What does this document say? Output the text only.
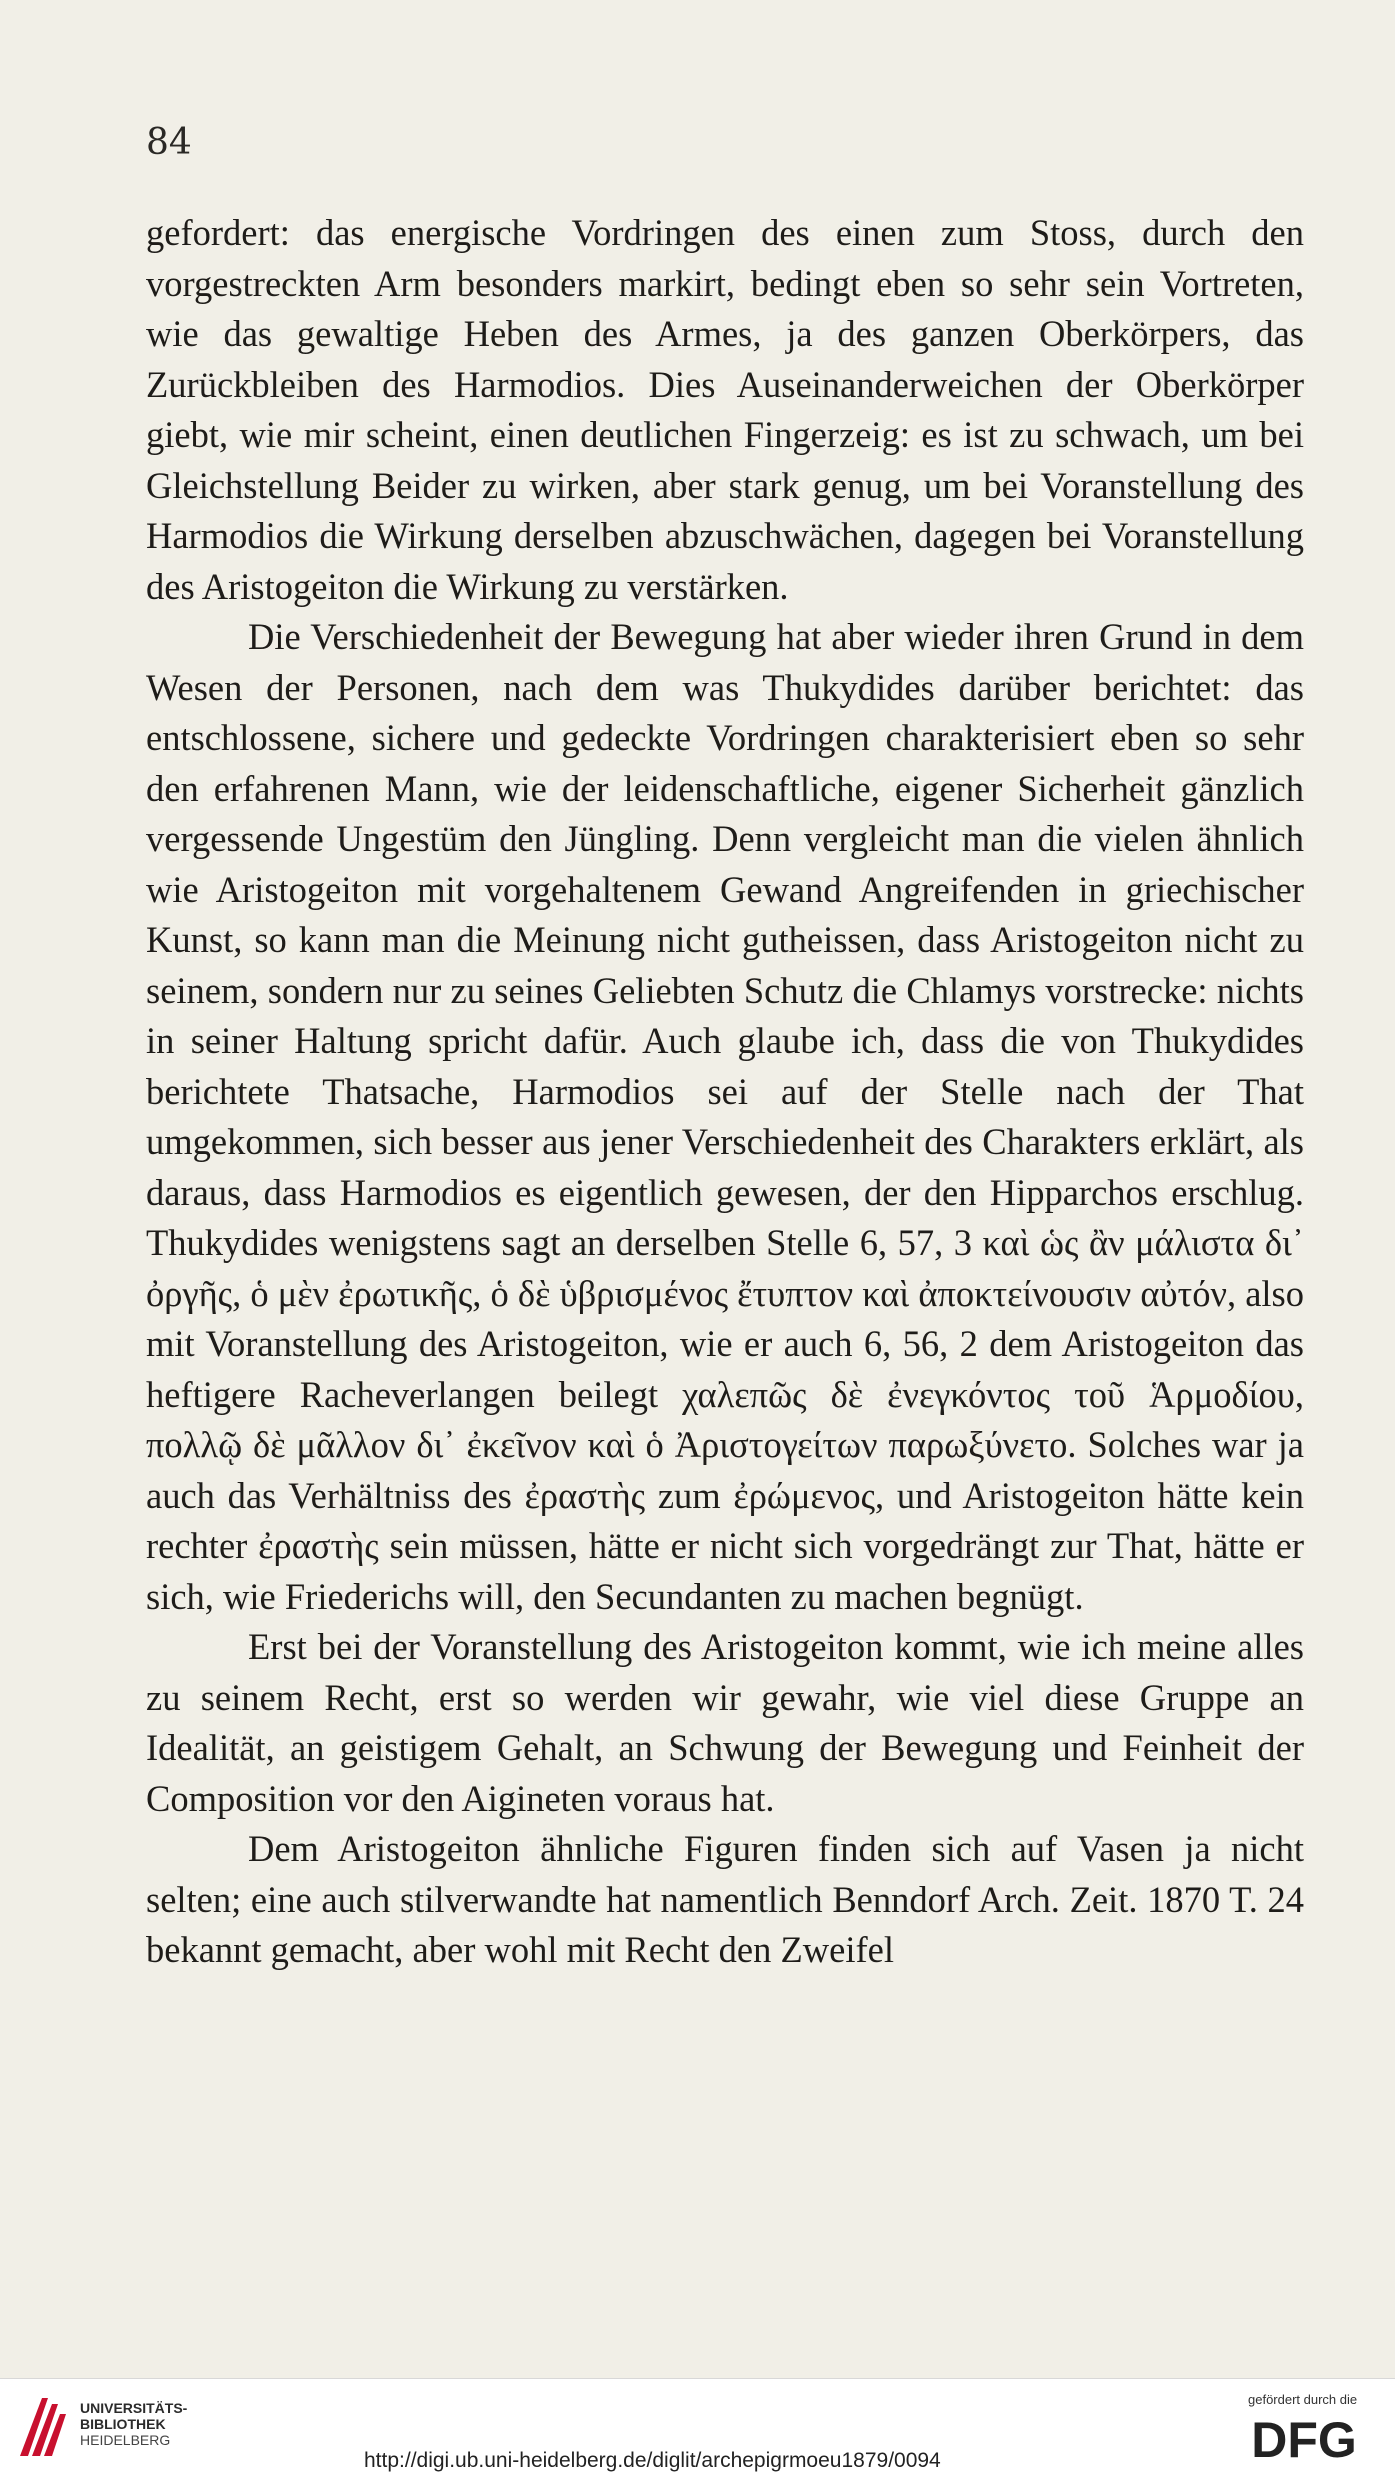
84

gefordert: das energische Vordringen des einen zum Stoss, durch den vorgestreckten Arm besonders markirt, bedingt eben so sehr sein Vortreten, wie das gewaltige Heben des Armes, ja des ganzen Oberkörpers, das Zurückbleiben des Harmodios. Dies Auseinanderweichen der Oberkörper giebt, wie mir scheint, einen deutlichen Fingerzeig: es ist zu schwach, um bei Gleichstellung Beider zu wirken, aber stark genug, um bei Voranstellung des Harmodios die Wirkung derselben abzuschwächen, dagegen bei Voranstellung des Aristogeiton die Wirkung zu verstärken.

Die Verschiedenheit der Bewegung hat aber wieder ihren Grund in dem Wesen der Personen, nach dem was Thukydides darüber berichtet: das entschlossene, sichere und gedeckte Vordringen charakterisiert eben so sehr den erfahrenen Mann, wie der leidenschaftliche, eigener Sicherheit gänzlich vergessende Ungestüm den Jüngling. Denn vergleicht man die vielen ähnlich wie Aristogeiton mit vorgehaltenem Gewand Angreifenden in griechischer Kunst, so kann man die Meinung nicht gutheissen, dass Aristogeiton nicht zu seinem, sondern nur zu seines Geliebten Schutz die Chlamys vorstrecke: nichts in seiner Haltung spricht dafür. Auch glaube ich, dass die von Thukydides berichtete Thatsache, Harmodios sei auf der Stelle nach der That umgekommen, sich besser aus jener Verschiedenheit des Charakters erklärt, als daraus, dass Harmodios es eigentlich gewesen, der den Hipparchos erschlug. Thukydides wenigstens sagt an derselben Stelle 6, 57, 3 καὶ ὡς ἂν μάλιστα δι᾽ ὀργῆς, ὁ μὲν ἐρωτικῆς, ὁ δὲ ὑβρισμένος ἔτυπτον καὶ ἀποκτείνουσιν αὐτόν, also mit Voranstellung des Aristogeiton, wie er auch 6, 56, 2 dem Aristogeiton das heftigere Racheverlangen beilegt χαλεπῶς δὲ ἐνεγκόντος τοῦ Ἁρμοδίου, πολλῷ δὲ μᾶλλον δι᾽ ἐκεῖνον καὶ ὁ Ἀριστογείτων παρωξύνετο. Solches war ja auch das Verhältniss des ἐραστὴς zum ἐρώμενος, und Aristogeiton hätte kein rechter ἐραστὴς sein müssen, hätte er nicht sich vorgedrängt zur That, hätte er sich, wie Friederichs will, den Secundanten zu machen begnügt.

Erst bei der Voranstellung des Aristogeiton kommt, wie ich meine alles zu seinem Recht, erst so werden wir gewahr, wie viel diese Gruppe an Idealität, an geistigem Gehalt, an Schwung der Bewegung und Feinheit der Composition vor den Aigineten voraus hat.

Dem Aristogeiton ähnliche Figuren finden sich auf Vasen ja nicht selten; eine auch stilverwandte hat namentlich Benndorf Arch. Zeit. 1870 T. 24 bekannt gemacht, aber wohl mit Recht den Zweifel

UNIVERSITÄTS-
BIBLIOTHEK
HEIDELBERG
http://digi.ub.uni-heidelberg.de/diglit/archepigrmoeu1879/0094
gefördert durch die
DFG
